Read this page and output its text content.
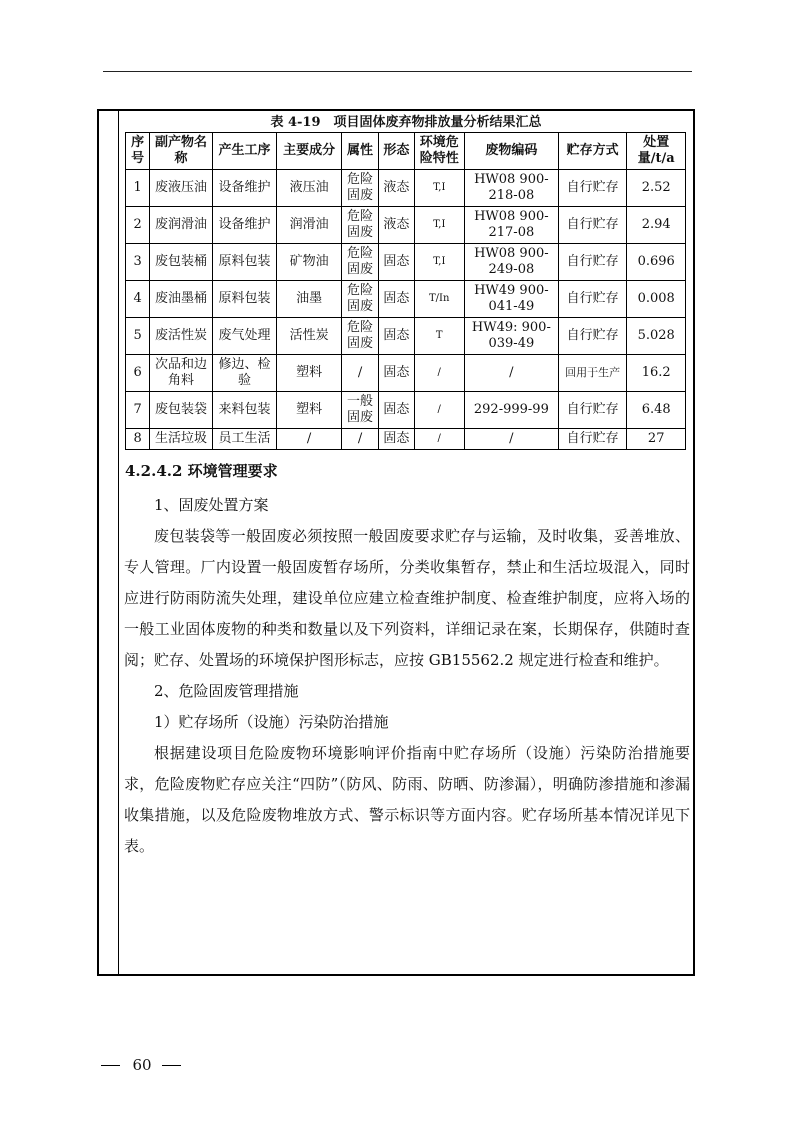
表 4-19　项目固体废弃物排放量分析结果汇总
序号	副产物名称	产生工序	主要成分	属性	形态	环境危险特性	废物编码	贮存方式	处置量/t/a
1	废液压油	设备维护	液压油	危险固废	液态	T,I	HW08 900-218-08	自行贮存	2.52
2	废润滑油	设备维护	润滑油	危险固废	液态	T,I	HW08 900-217-08	自行贮存	2.94
3	废包装桶	原料包装	矿物油	危险固废	固态	T,I	HW08 900-249-08	自行贮存	0.696
4	废油墨桶	原料包装	油墨	危险固废	固态	T/In	HW49 900-041-49	自行贮存	0.008
5	废活性炭	废气处理	活性炭	危险固废	固态	T	HW49: 900-039-49	自行贮存	5.028
6	次品和边角料	修边、检验	塑料	/	固态	/	/	回用于生产	16.2
7	废包装袋	来料包装	塑料	一般固废	固态	/	292-999-99	自行贮存	6.48
8	生活垃圾	员工生活	/	/	固态	/	/	自行贮存	27
4.2.4.2 环境管理要求

1、固废处置方案

废包装袋等一般固废必须按照一般固废要求贮存与运输，及时收集，妥善堆放、专人管理。厂内设置一般固废暂存场所，分类收集暂存，禁止和生活垃圾混入，同时应进行防雨防流失处理，建设单位应建立检查维护制度、检查维护制度，应将入场的一般工业固体废物的种类和数量以及下列资料，详细记录在案，长期保存，供随时查阅；贮存、处置场的环境保护图形标志，应按 GB15562.2 规定进行检查和维护。

2、危险固废管理措施

1）贮存场所（设施）污染防治措施

根据建设项目危险废物环境影响评价指南中贮存场所（设施）污染防治措施要求，危险废物贮存应关注“四防”（防风、防雨、防晒、防渗漏），明确防渗措施和渗漏收集措施，以及危险废物堆放方式、警示标识等方面内容。贮存场所基本情况详见下表。

60
